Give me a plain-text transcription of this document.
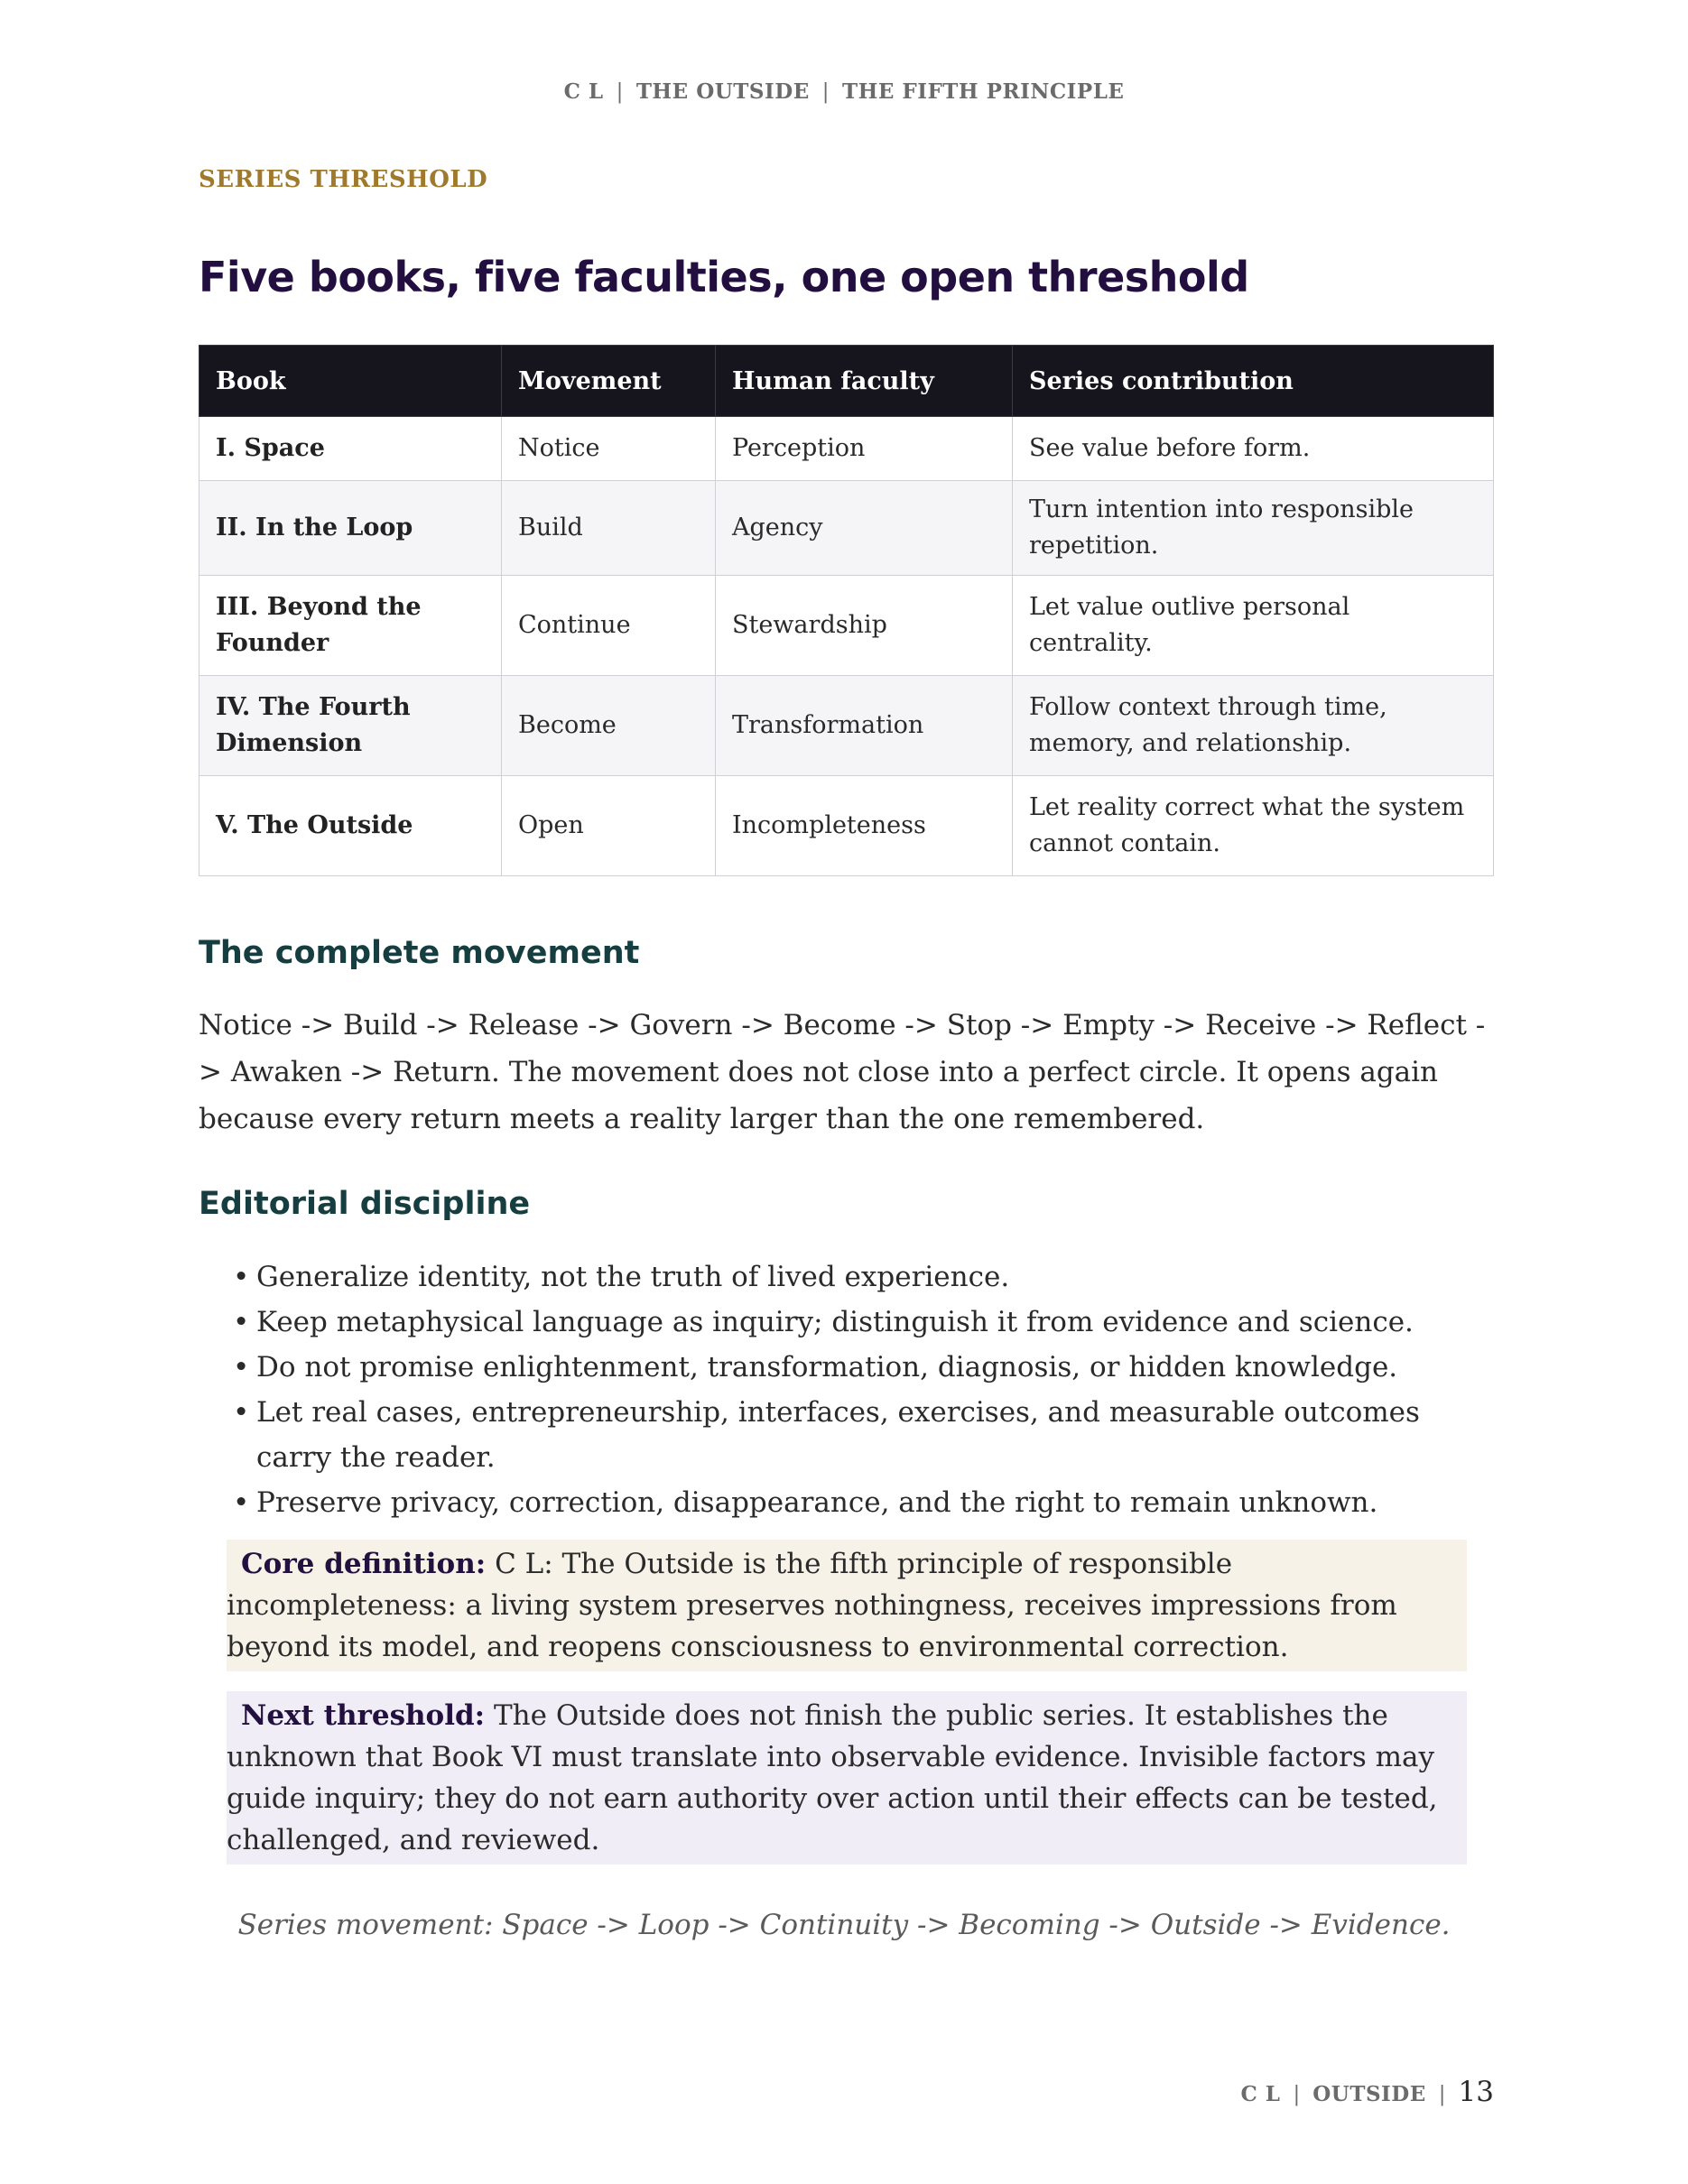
C L | THE OUTSIDE | THE FIFTH PRINCIPLE
SERIES THRESHOLD
Five books, five faculties, one open threshold
Book	Movement	Human faculty	Series contribution
I. Space	Notice	Perception	See value before form.
II. In the Loop	Build	Agency	Turn intention into responsible repetition.
III. Beyond the Founder	Continue	Stewardship	Let value outlive personal centrality.
IV. The Fourth Dimension	Become	Transformation	Follow context through time, memory, and relationship.
V. The Outside	Open	Incompleteness	Let reality correct what the system cannot contain.
The complete movement

Notice -> Build -> Release -> Govern -> Become -> Stop -> Empty -> Receive -> Reflect -> Awaken -> Return. The movement does not close into a perfect circle. It opens again because every return meets a reality larger than the one remembered.

Editorial discipline
• Generalize identity, not the truth of lived experience.
• Keep metaphysical language as inquiry; distinguish it from evidence and science.
• Do not promise enlightenment, transformation, diagnosis, or hidden knowledge.
• Let real cases, entrepreneurship, interfaces, exercises, and measurable outcomes carry the reader.
• Preserve privacy, correction, disappearance, and the right to remain unknown.
Core definition: C L: The Outside is the fifth principle of responsible incompleteness: a living system preserves nothingness, receives impressions from beyond its model, and reopens consciousness to environmental correction.
Next threshold: The Outside does not finish the public series. It establishes the unknown that Book VI must translate into observable evidence. Invisible factors may guide inquiry; they do not earn authority over action until their effects can be tested, challenged, and reviewed.
Series movement: Space -> Loop -> Continuity -> Becoming -> Outside -> Evidence.
C L | OUTSIDE | 13
